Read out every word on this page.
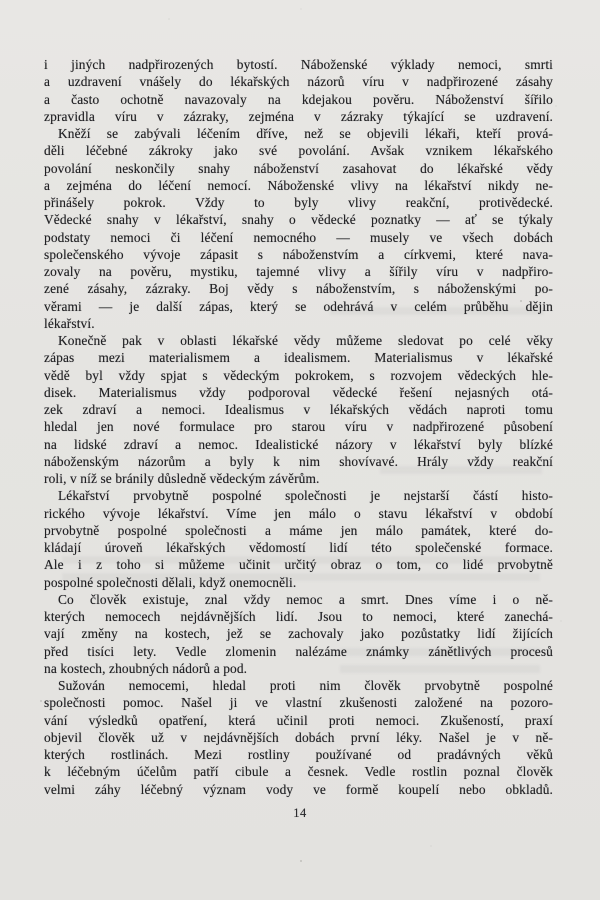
i jiných nadpřirozených bytostí. Náboženské výklady nemoci, smrti
a uzdravení vnášely do lékařských názorů víru v nadpřirozené zásahy
a často ochotně navazovaly na kdejakou pověru. Náboženství šířilo
zpravidla víru v zázraky, zejména v zázraky týkající se uzdravení.
Kněží se zabývali léčením dříve, než se objevili lékaři, kteří prová-
děli léčebné zákroky jako své povolání. Avšak vznikem lékařského
povolání neskončily snahy náboženství zasahovat do lékařské vědy
a zejména do léčení nemocí. Náboženské vlivy na lékařství nikdy ne-
přinášely pokrok. Vždy to byly vlivy reakční, protivědecké.
Vědecké snahy v lékařství, snahy o vědecké poznatky — ať se týkaly
podstaty nemoci či léčení nemocného — musely ve všech dobách
společenského vývoje zápasit s náboženstvím a církvemi, které nava-
zovaly na pověru, mystiku, tajemné vlivy a šířily víru v nadpřiro-
zené zásahy, zázraky. Boj vědy s náboženstvím, s náboženskými po-
věrami — je další zápas, který se odehrává v celém průběhu dějin
lékařství.
Konečně pak v oblasti lékařské vědy můžeme sledovat po celé věky
zápas mezi materialismem a idealismem. Materialismus v lékařské
vědě byl vždy spjat s vědeckým pokrokem, s rozvojem vědeckých hle-
disek. Materialismus vždy podporoval vědecké řešení nejasných otá-
zek zdraví a nemoci. Idealismus v lékařských vědách naproti tomu
hledal jen nové formulace pro starou víru v nadpřirozené působení
na lidské zdraví a nemoc. Idealistické názory v lékařství byly blízké
náboženským názorům a byly k nim shovívavé. Hrály vždy reakční
roli, v níž se bránily důsledně vědeckým závěrům.
Lékařství prvobytně pospolné společnosti je nejstarší částí histo-
rického vývoje lékařství. Víme jen málo o stavu lékařství v období
prvobytně pospolné společnosti a máme jen málo památek, které do-
kládají úroveň lékařských vědomostí lidí této společenské formace.
Ale i z toho si můžeme učinit určitý obraz o tom, co lidé prvobytně
pospolné společnosti dělali, když onemocněli.
Co člověk existuje, znal vždy nemoc a smrt. Dnes víme i o ně-
kterých nemocech nejdávnějších lidí. Jsou to nemoci, které zanechá-
vají změny na kostech, jež se zachovaly jako pozůstatky lidí žijících
před tisíci lety. Vedle zlomenin nalézáme známky zánětlivých procesů
na kostech, zhoubných nádorů a pod.
Sužován nemocemi, hledal proti nim člověk prvobytně pospolné
společnosti pomoc. Našel ji ve vlastní zkušenosti založené na pozoro-
vání výsledků opatření, která učinil proti nemoci. Zkušeností, praxí
objevil člověk už v nejdávnějších dobách první léky. Našel je v ně-
kterých rostlinách. Mezi rostliny používané od pradávných věků
k léčebným účelům patří cibule a česnek. Vedle rostlin poznal člověk
velmi záhy léčebný význam vody ve formě koupelí nebo obkladů.
14
